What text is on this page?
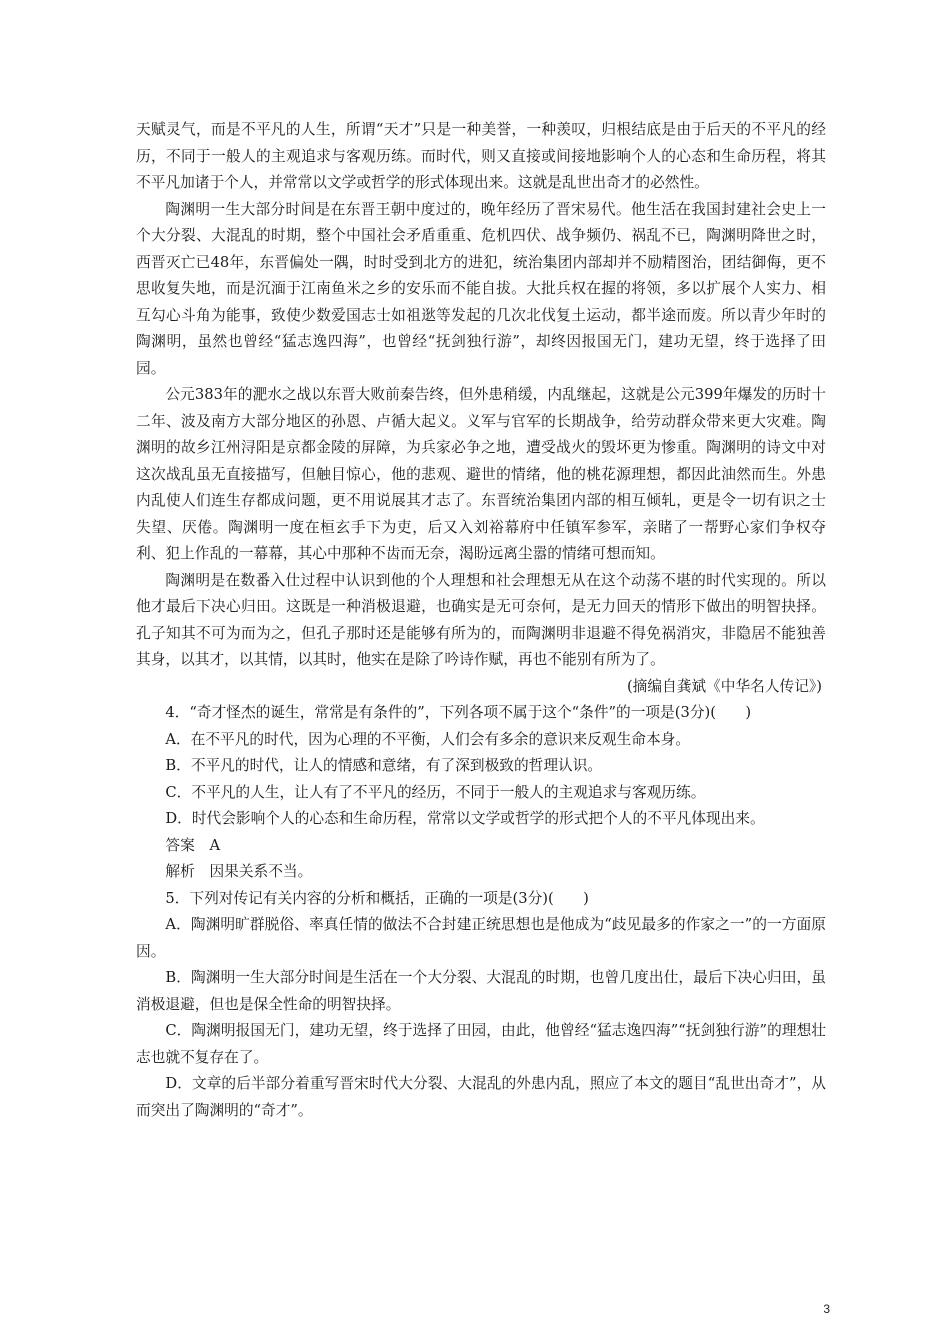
天赋灵气，而是不平凡的人生，所谓“天才”只是一种美誉，一种羡叹，归根结底是由于后天的不平凡的经历，不同于一般人的主观追求与客观历练。而时代，则又直接或间接地影响个人的心态和生命历程，将其不平凡加诸于个人，并常常以文学或哲学的形式体现出来。这就是乱世出奇才的必然性。

陶渊明一生大部分时间是在东晋王朝中度过的，晚年经历了晋宋易代。他生活在我国封建社会史上一个大分裂、大混乱的时期，整个中国社会矛盾重重、危机四伏、战争频仍、祸乱不已，陶渊明降世之时，西晋灭亡已48年，东晋偏处一隅，时时受到北方的进犯，统治集团内部却并不励精图治，团结御侮，更不思收复失地，而是沉湎于江南鱼米之乡的安乐而不能自拔。大批兵权在握的将领，多以扩展个人实力、相互勾心斗角为能事，致使少数爱国志士如祖逖等发起的几次北伐复土运动，都半途而废。所以青少年时的陶渊明，虽然也曾经“猛志逸四海”，也曾经“抚剑独行游”，却终因报国无门，建功无望，终于选择了田园。

公元383年的淝水之战以东晋大败前秦告终，但外患稍缓，内乱继起，这就是公元399年爆发的历时十二年、波及南方大部分地区的孙恩、卢循大起义。义军与官军的长期战争，给劳动群众带来更大灾难。陶渊明的故乡江州浔阳是京都金陵的屏障，为兵家必争之地，遭受战火的毁坏更为惨重。陶渊明的诗文中对这次战乱虽无直接描写，但触目惊心，他的悲观、避世的情绪，他的桃花源理想，都因此油然而生。外患内乱使人们连生存都成问题，更不用说展其才志了。东晋统治集团内部的相互倾轧，更是令一切有识之士失望、厌倦。陶渊明一度在桓玄手下为吏，后又入刘裕幕府中任镇军参军，亲睹了一帮野心家们争权夺利、犯上作乱的一幕幕，其心中那种不齿而无奈，渴盼远离尘嚣的情绪可想而知。

陶渊明是在数番入仕过程中认识到他的个人理想和社会理想无从在这个动荡不堪的时代实现的。所以他才最后下决心归田。这既是一种消极退避，也确实是无可奈何，是无力回天的情形下做出的明智抉择。孔子知其不可为而为之，但孔子那时还是能够有所为的，而陶渊明非退避不得免祸消灾，非隐居不能独善其身，以其才，以其情，以其时，他实在是除了吟诗作赋，再也不能别有所为了。

(摘编自龚斌《中华名人传记》)

4．“奇才怪杰的诞生，常常是有条件的”，下列各项不属于这个“条件”的一项是(3分)(　　)

A．在不平凡的时代，因为心理的不平衡，人们会有多余的意识来反观生命本身。

B．不平凡的时代，让人的情感和意绪，有了深到极致的哲理认识。

C．不平凡的人生，让人有了不平凡的经历，不同于一般人的主观追求与客观历练。

D．时代会影响个人的心态和生命历程，常常以文学或哲学的形式把个人的不平凡体现出来。

答案　A

解析　因果关系不当。

5．下列对传记有关内容的分析和概括，正确的一项是(3分)(　　)

A．陶渊明旷群脱俗、率真任情的做法不合封建正统思想也是他成为“歧见最多的作家之一”的一方面原因。

B．陶渊明一生大部分时间是生活在一个大分裂、大混乱的时期，也曾几度出仕，最后下决心归田，虽消极退避，但也是保全性命的明智抉择。

C．陶渊明报国无门，建功无望，终于选择了田园，由此，他曾经“猛志逸四海”“抚剑独行游”的理想壮志也就不复存在了。

D．文章的后半部分着重写晋宋时代大分裂、大混乱的外患内乱，照应了本文的题目“乱世出奇才”，从而突出了陶渊明的“奇才”。

3
